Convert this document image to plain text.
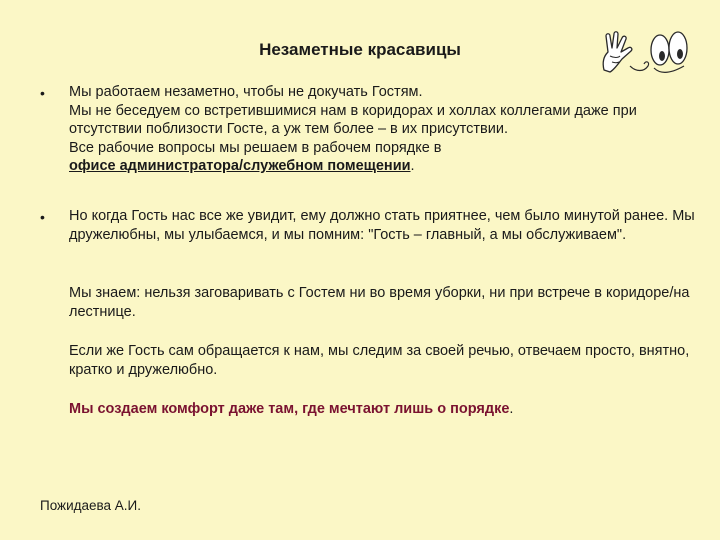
Незаметные красавицы
• Мы работаем незаметно, чтобы не докучать Гостям.

Мы не беседуем со встретившимися нам в коридорах и холлах коллегами даже при отсутствии поблизости Госте, а уж тем более – в их присутствии.

Все рабочие вопросы мы решаем в рабочем порядке в
офисе администратора/служебном помещении.

• Но когда Гость нас все же увидит, ему должно стать приятнее, чем было минутой ранее. Мы дружелюбны, мы улыбаемся, и мы помним: "Гость – главный, а мы обслуживаем".
Мы знаем: нельзя заговаривать с Гостем ни во время уборки, ни при встрече в коридоре/на лестнице.
Если же Гость сам обращается к нам, мы следим за своей речью, отвечаем просто, внятно, кратко и дружелюбно.
Мы создаем комфорт даже там, где мечтают лишь о порядке.
Пожидаева А.И.
